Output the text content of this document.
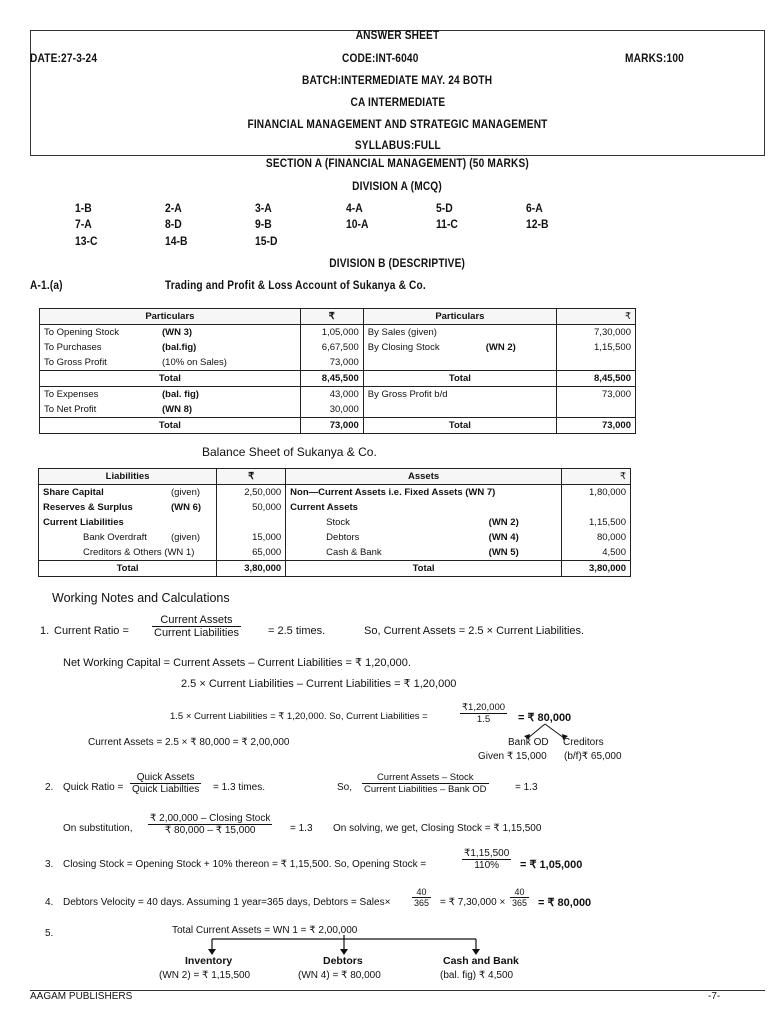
ANSWER SHEET
DATE:27-3-24	CODE:INT-6040	MARKS:100
BATCH:INTERMEDIATE MAY. 24 BOTH
CA INTERMEDIATE
FINANCIAL MANAGEMENT AND STRATEGIC MANAGEMENT
SYLLABUS:FULL
SECTION A (FINANCIAL MANAGEMENT) (50 MARKS)
DIVISION A (MCQ)
1-B	2-A	3-A	4-A	5-D	6-A
7-A	8-D	9-B	10-A	11-C	12-B
13-C	14-B	15-D
DIVISION B (DESCRIPTIVE)
A-1.(a)	Trading and Profit & Loss Account of Sukanya & Co.
Particulars		₹	Particulars		₹
To Opening Stock	(WN 3)	1,05,000	By Sales (given)		7,30,000
To Purchases	(bal.fig)	6,67,500	By Closing Stock	(WN 2)	1,15,500
To Gross Profit	(10% on Sales)	73,000			
Total		8,45,500	Total		8,45,500
To Expenses	(bal. fig)	43,000	By Gross Profit b/d		73,000
To Net Profit	(WN 8)	30,000			
Total		73,000	Total		73,000
Balance Sheet of Sukanya & Co.
Liabilities		₹	Assets		₹
Share Capital	(given)	2,50,000	Non—Current Assets i.e. Fixed Assets (WN 7)		1,80,000
Reserves & Surplus	(WN 6)	50,000	Current Assets		
Current Liabilities			Stock	(WN 2)	1,15,500
Bank Overdraft	(given)	15,000	Debtors	(WN 4)	80,000
Creditors & Others (WN 1)		65,000	Cash & Bank	(WN 5)	4,500
Total		3,80,000	Total		3,80,000
Working Notes and Calculations
1. Current Ratio = $\frac{\text{Current Assets}}{\text{Current Liabilities}} = 2.5$ times.	So, Current Assets = 2.5 × Current Liabilities.
Net Working Capital = Current Assets – Current Liabilities = ₹ 1,20,000.
2.5 × Current Liabilities – Current Liabilities = ₹ 1,20,000
1.5 × Current Liabilities = ₹ 1,20,000. So, Current Liabilities =	$\frac{₹1,20,000}{1.5}$ = ₹ 80,000
Current Assets = 2.5 × ₹ 80,000 = ₹ 2,00,000	Bank OD Creditors
Given ₹ 15,000 (b/f)₹ 65,000
2. Quick Ratio = $\frac{\text{Quick Assets}}{\text{Quick Liabilties}} = 1.3$ times.	So, $\frac{\text{Current Assets – Stock}}{\text{Current Liabilities – Bank OD}}$	= 1.3
On substitution, $\frac{\text{₹ 2,00,000 – Closing Stock}}{₹ 80,000 - ₹ 15,000} = 1.3$ On solving, we get, Closing Stock = ₹ 1,15,500
3. Closing Stock = Opening Stock + 10% thereon = ₹ 1,15,500. So, Opening Stock =	$\frac{₹1,15,500}{110\%}$ = ₹ 1,05,000
4. Debtors Velocity = 40 days. Assuming 1 year=365 days, Debtors = Sales× $\frac{40}{365}$ = ₹ $7,30,000 \times \frac{40}{365}$ = ₹ 80,000
5.	Total Current Assets = WN 1 = ₹ 2,00,000
Inventory
(WN 2) = ₹ 1,15,500
Debtors
(WN 4) = ₹ 80,000
Cash and Bank
(bal. fig) ₹ 4,500
AAGAM PUBLISHERS	-7-
